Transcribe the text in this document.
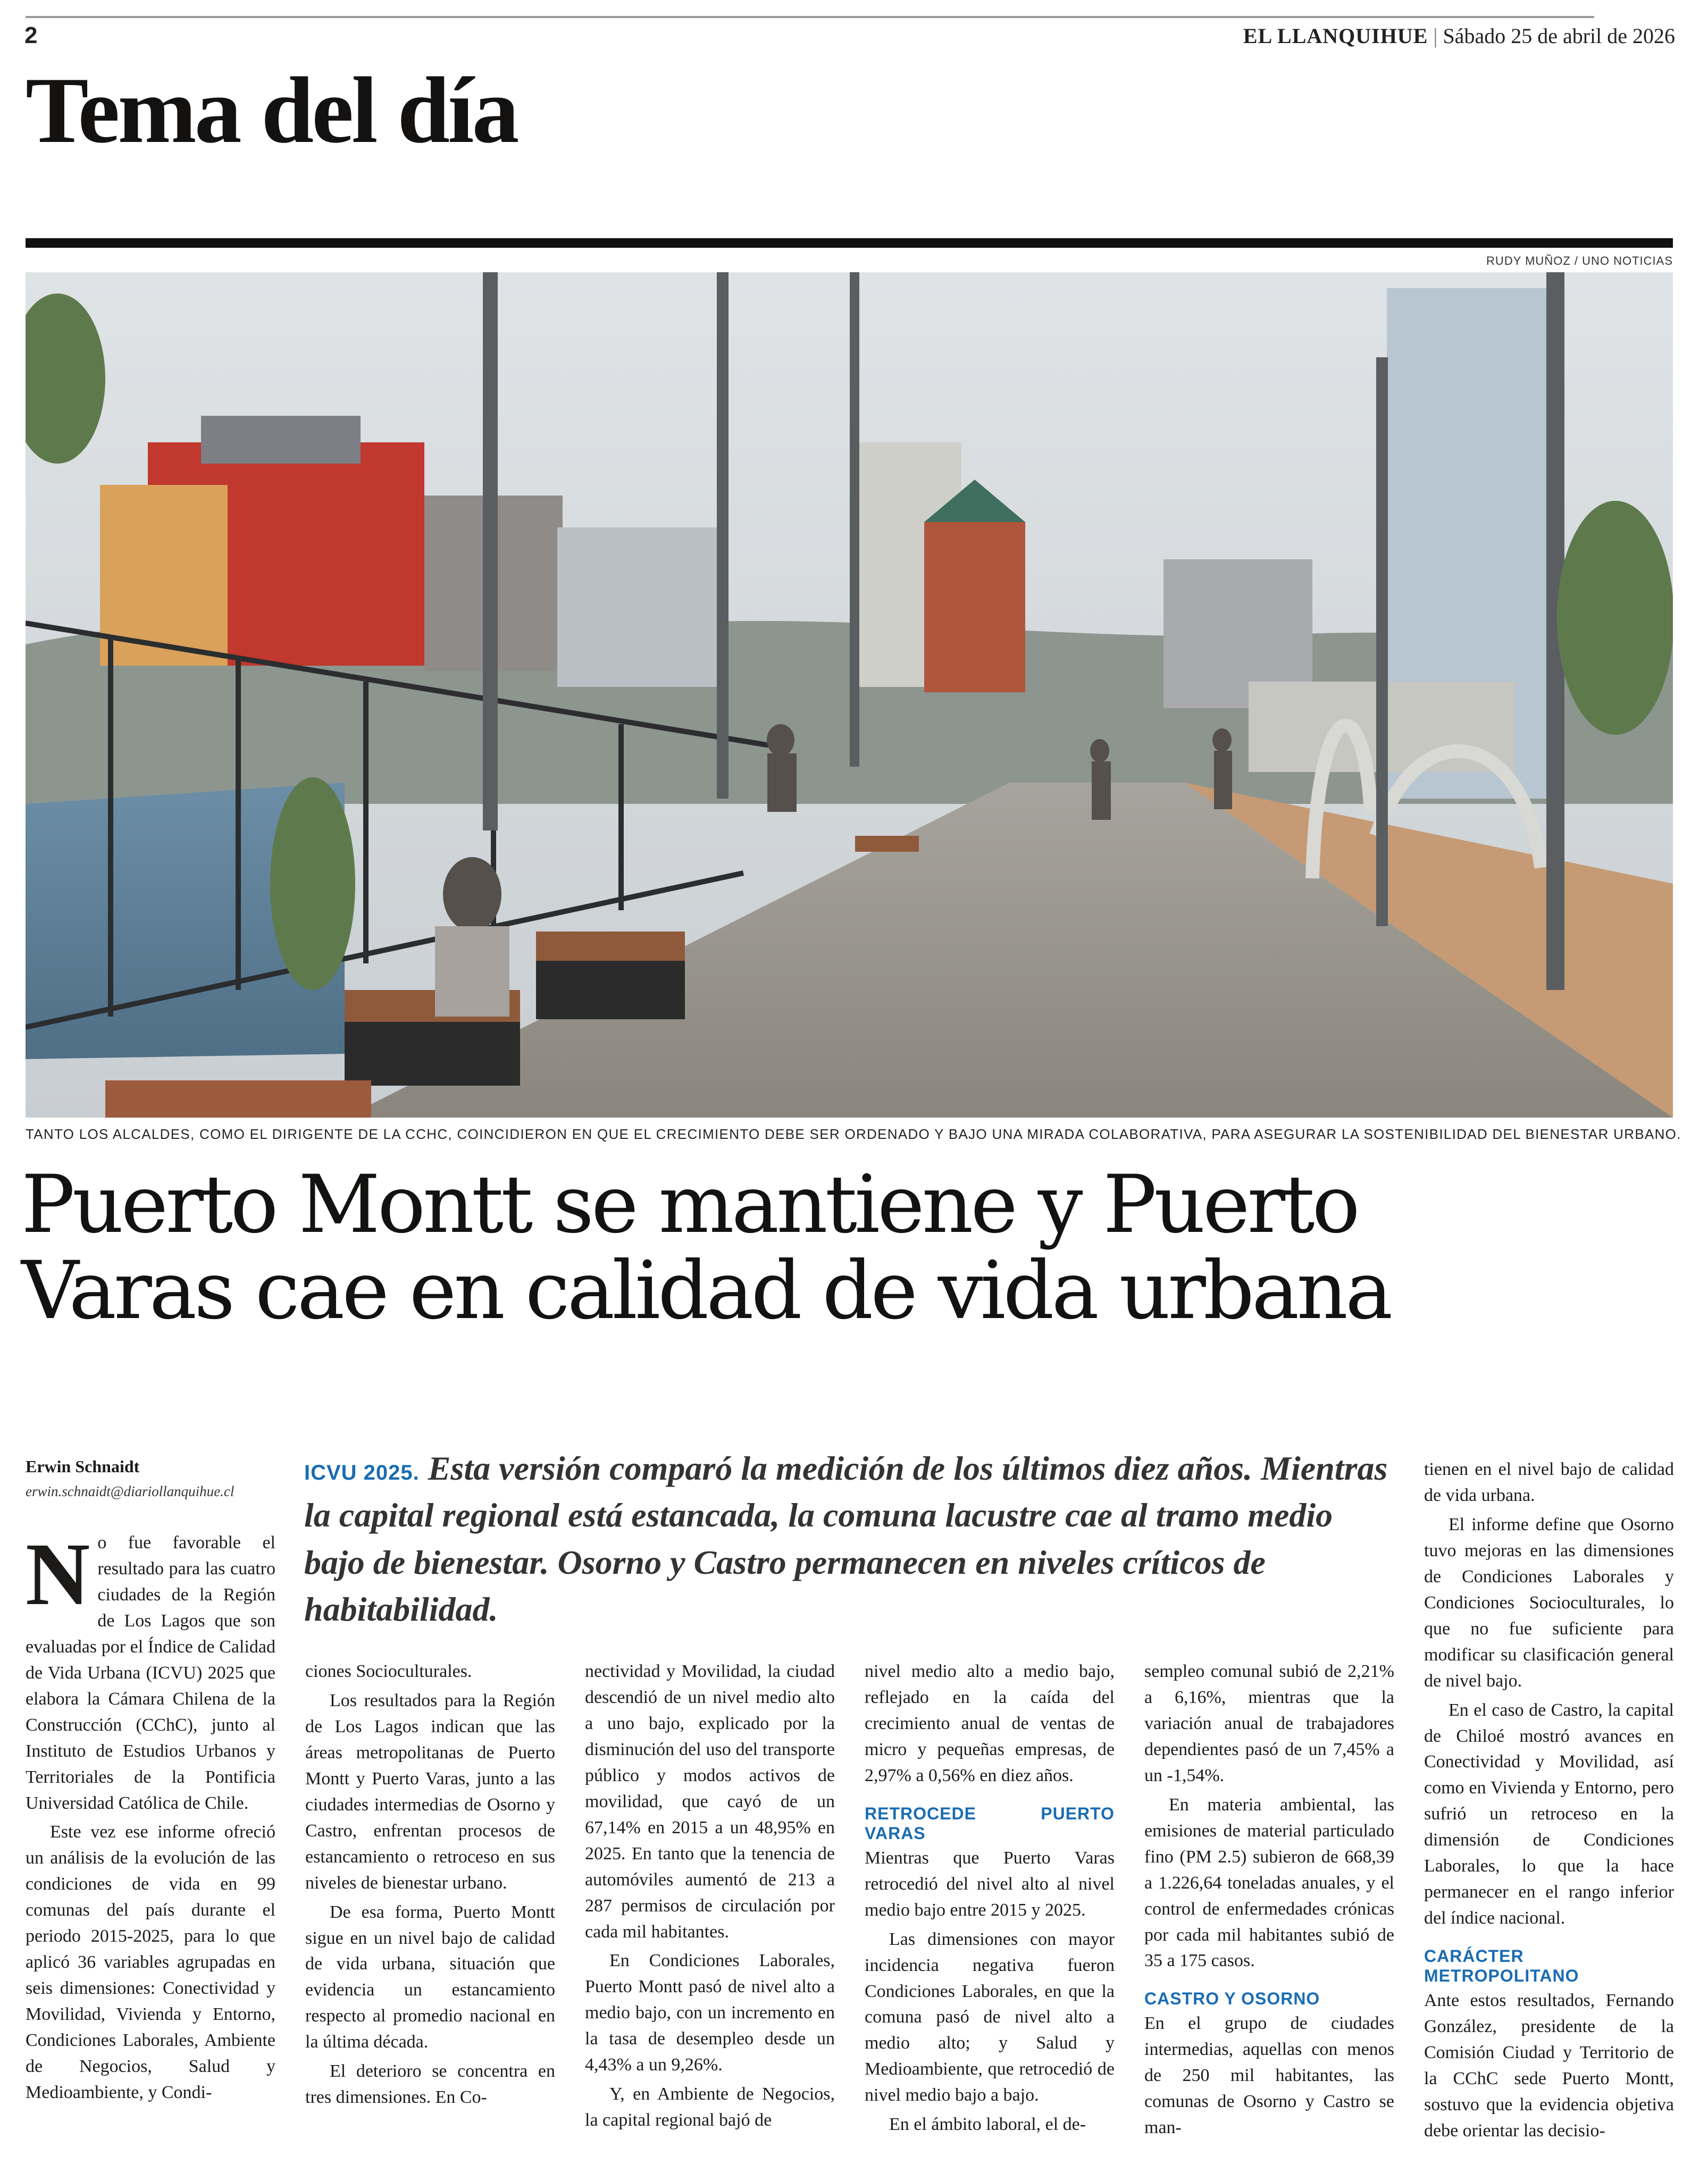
2	EL LLANQUIHUE | Sábado 25 de abril de 2026
Tema del día
RUDY MUÑOZ / UNO NOTICIAS
TANTO LOS ALCALDES, COMO EL DIRIGENTE DE LA CCHC, COINCIDIERON EN QUE EL CRECIMIENTO DEBE SER ORDENADO Y BAJO UNA MIRADA COLABORATIVA, PARA ASEGURAR LA SOSTENIBILIDAD DEL BIENESTAR URBANO.
Puerto Montt se mantiene y Puerto
Varas cae en calidad de vida urbana
Erwin Schnaidt
erwin.schnaidt@diariollanquihue.cl
ICVU 2025. Esta versión comparó la medición de los últimos diez años. Mientras la capital regional está estancada, la comuna lacustre cae al tramo medio bajo de bienestar. Osorno y Castro permanecen en niveles críticos de habitabilidad.

No fue favorable el resultado para las cuatro ciudades de la Región de Los Lagos que son evaluadas por el Índice de Calidad de Vida Urbana (ICVU) 2025 que elabora la Cámara Chilena de la Construcción (CChC), junto al Instituto de Estudios Urbanos y Territoriales de la Pontificia Universidad Católica de Chile.

Este vez ese informe ofreció un análisis de la evolución de las condiciones de vida en 99 comunas del país durante el periodo 2015-2025, para lo que aplicó 36 variables agrupadas en seis dimensiones: Conectividad y Movilidad, Vivienda y Entorno, Condiciones Laborales, Ambiente de Negocios, Salud y Medioambiente, y Condi-

ciones Socioculturales.

Los resultados para la Región de Los Lagos indican que las áreas metropolitanas de Puerto Montt y Puerto Varas, junto a las ciudades intermedias de Osorno y Castro, enfrentan procesos de estancamiento o retroceso en sus niveles de bienestar urbano.

De esa forma, Puerto Montt sigue en un nivel bajo de calidad de vida urbana, situación que evidencia un estancamiento respecto al promedio nacional en la última década.

El deterioro se concentra en tres dimensiones. En Co-

nectividad y Movilidad, la ciudad descendió de un nivel medio alto a uno bajo, explicado por la disminución del uso del transporte público y modos activos de movilidad, que cayó de un 67,14% en 2015 a un 48,95% en 2025. En tanto que la tenencia de automóviles aumentó de 213 a 287 permisos de circulación por cada mil habitantes.

En Condiciones Laborales, Puerto Montt pasó de nivel alto a medio bajo, con un incremento en la tasa de desempleo desde un 4,43% a un 9,26%.

Y, en Ambiente de Negocios, la capital regional bajó de

nivel medio alto a medio bajo, reflejado en la caída del crecimiento anual de ventas de micro y pequeñas empresas, de 2,97% a 0,56% en diez años.

RETROCEDE PUERTO VARAS

Mientras que Puerto Varas retrocedió del nivel alto al nivel medio bajo entre 2015 y 2025.

Las dimensiones con mayor incidencia negativa fueron Condiciones Laborales, en que la comuna pasó de nivel alto a medio alto; y Salud y Medioambiente, que retrocedió de nivel medio bajo a bajo.

En el ámbito laboral, el de-

sempleo comunal subió de 2,21% a 6,16%, mientras que la variación anual de trabajadores dependientes pasó de un 7,45% a un -1,54%.

En materia ambiental, las emisiones de material particulado fino (PM 2.5) subieron de 668,39 a 1.226,64 toneladas anuales, y el control de enfermedades crónicas por cada mil habitantes subió de 35 a 175 casos.

CASTRO Y OSORNO

En el grupo de ciudades intermedias, aquellas con menos de 250 mil habitantes, las comunas de Osorno y Castro se man-

tienen en el nivel bajo de calidad de vida urbana.

El informe define que Osorno tuvo mejoras en las dimensiones de Condiciones Laborales y Condiciones Socioculturales, lo que no fue suficiente para modificar su clasificación general de nivel bajo.

En el caso de Castro, la capital de Chiloé mostró avances en Conectividad y Movilidad, así como en Vivienda y Entorno, pero sufrió un retroceso en la dimensión de Condiciones Laborales, lo que la hace permanecer en el rango inferior del índice nacional.

CARÁCTER METROPOLITANO

Ante estos resultados, Fernando González, presidente de la Comisión Ciudad y Territorio de la CChC sede Puerto Montt, sostuvo que la evidencia objetiva debe orientar las decisio-
